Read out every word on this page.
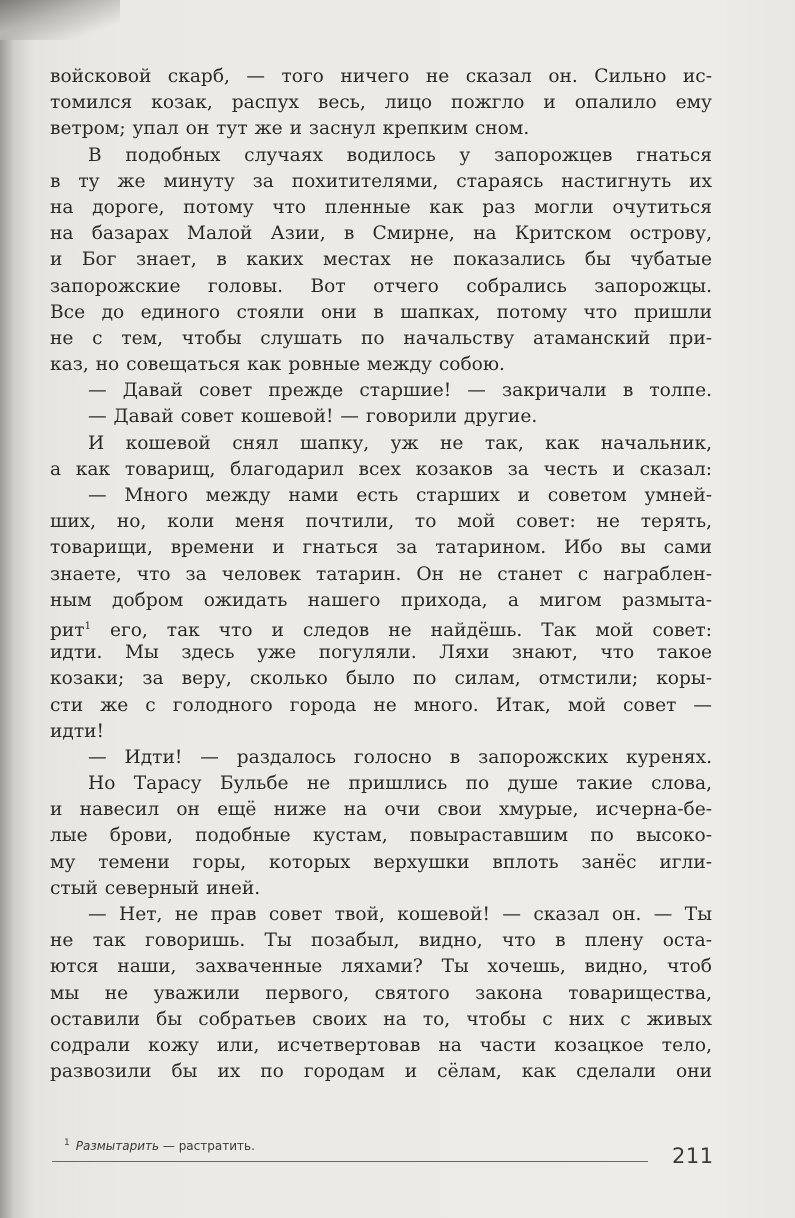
войсковой скарб, — того ничего не сказал он. Сильно ис-
томился козак, распух весь, лицо пожгло и опалило ему
ветром; упал он тут же и заснул крепким сном.
В подобных случаях водилось у запорожцев гнаться
в ту же минуту за похитителями, стараясь настигнуть их
на дороге, потому что пленные как раз могли очутиться
на базарах Малой Азии, в Смирне, на Критском острову,
и Бог знает, в каких местах не показались бы чубатые
запорожские головы. Вот отчего собрались запорожцы.
Все до единого стояли они в шапках, потому что пришли
не с тем, чтобы слушать по начальству атаманский при-
каз, но совещаться как ровные между собою.
— Давай совет прежде старшие! — закричали в толпе.
— Давай совет кошевой! — говорили другие.
И кошевой снял шапку, уж не так, как начальник,
а как товарищ, благодарил всех козаков за честь и сказал:
— Много между нами есть старших и советом умней-
ших, но, коли меня почтили, то мой совет: не терять,
товарищи, времени и гнаться за татарином. Ибо вы сами
знаете, что за человек татарин. Он не станет с награблен-
ным добром ожидать нашего прихода, а мигом размыта-
рит$^1$ его, так что и следов не найдёшь. Так мой совет:
идти. Мы здесь уже погуляли. Ляхи знают, что такое
козаки; за веру, сколько было по силам, отмстили; коры-
сти же с голодного города не много. Итак, мой совет —
идти!
— Идти! — раздалось голосно в запорожских куренях.
Но Тарасу Бульбе не пришлись по душе такие слова,
и навесил он ещё ниже на очи свои хмурые, исчерна-бе-
лые брови, подобные кустам, повыраставшим по высоко-
му темени горы, которых верхушки вплоть занёс игли-
стый северный иней.
— Нет, не прав совет твой, кошевой! — сказал он. — Ты
не так говоришь. Ты позабыл, видно, что в плену оста-
ются наши, захваченные ляхами? Ты хочешь, видно, чтоб
мы не уважили первого, святого закона товарищества,
оставили бы собратьев своих на то, чтобы с них с живых
содрали кожу или, исчетвертовав на части козацкое тело,
развозили бы их по городам и сёлам, как сделали они
$^1$ Размытарить — растратить.	211
